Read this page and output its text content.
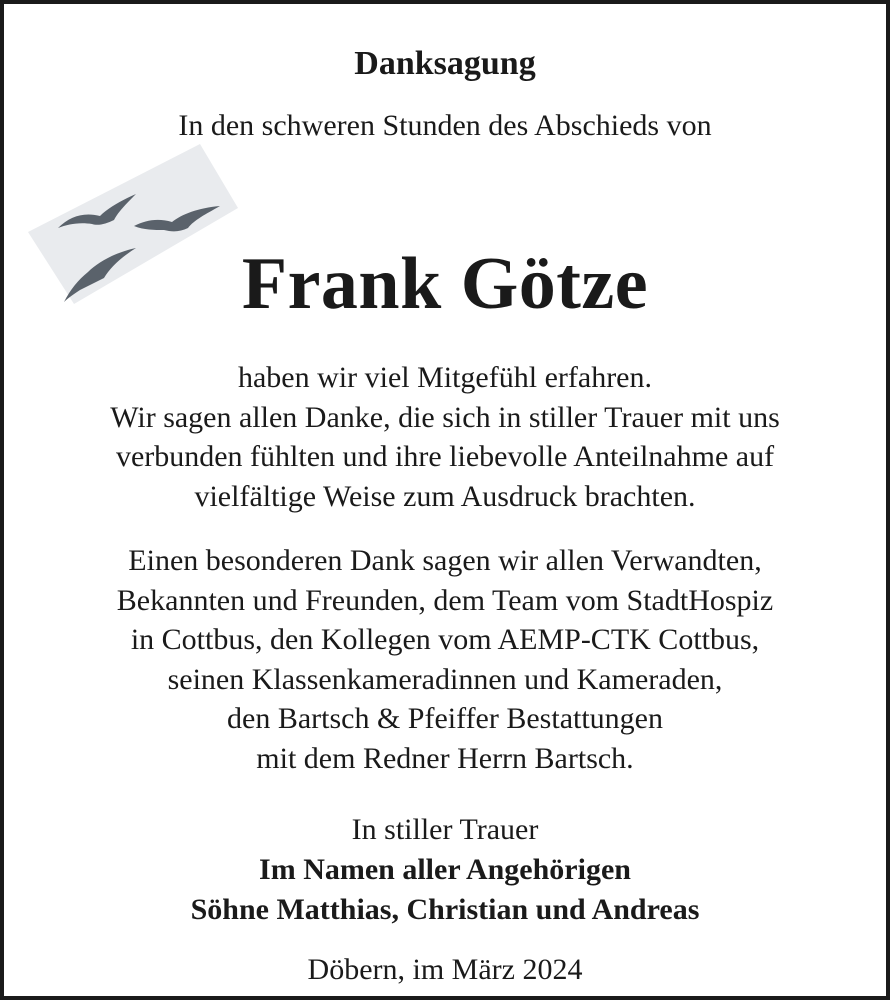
Danksagung
In den schweren Stunden des Abschieds von
Frank Götze
haben wir viel Mitgefühl erfahren.
Wir sagen allen Danke, die sich in stiller Trauer mit uns
verbunden fühlten und ihre liebevolle Anteilnahme auf
vielfältige Weise zum Ausdruck brachten.
Einen besonderen Dank sagen wir allen Verwandten,
Bekannten und Freunden, dem Team vom StadtHospiz
in Cottbus, den Kollegen vom AEMP-CTK Cottbus,
seinen Klassenkameradinnen und Kameraden,
den Bartsch & Pfeiffer Bestattungen
mit dem Redner Herrn Bartsch.
In stiller Trauer
Im Namen aller Angehörigen
Söhne Matthias, Christian und Andreas
Döbern, im März 2024
